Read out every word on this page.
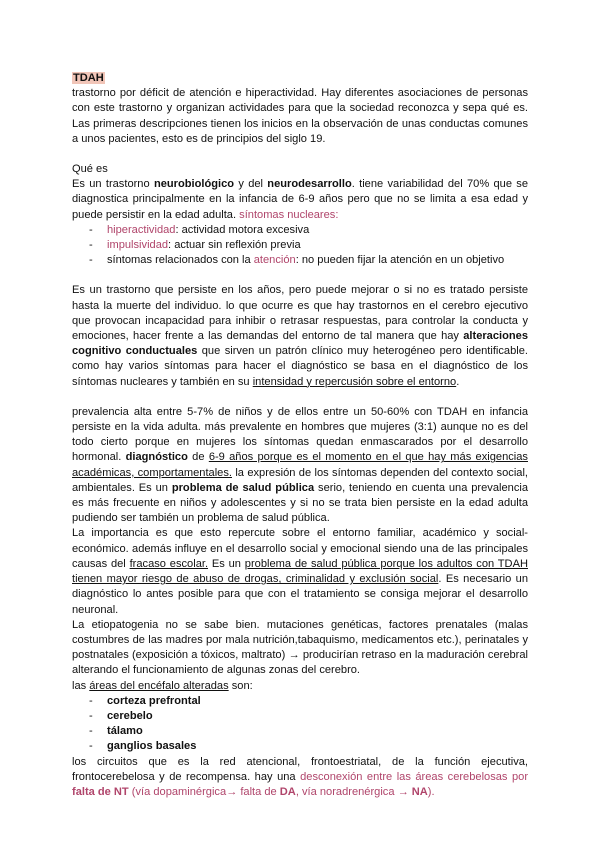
TDAH

trastorno por déficit de atención e hiperactividad. Hay diferentes asociaciones de personas con este trastorno y organizan actividades para que la sociedad reconozca y sepa qué es. Las primeras descripciones tienen los inicios en la observación de unas conductas comunes a unos pacientes, esto es de principios del siglo 19.

Qué es

Es un trastorno neurobiológico y del neurodesarrollo. tiene variabilidad del 70% que se diagnostica principalmente en la infancia de 6-9 años pero que no se limita a esa edad y puede persistir en la edad adulta. síntomas nucleares:

- hiperactividad: actividad motora excesiva
- impulsividad: actuar sin reflexión previa
- síntomas relacionados con la atención: no pueden fijar la atención en un objetivo

Es un trastorno que persiste en los años, pero puede mejorar o si no es tratado persiste hasta la muerte del individuo. lo que ocurre es que hay trastornos en el cerebro ejecutivo que provocan incapacidad para inhibir o retrasar respuestas, para controlar la conducta y emociones, hacer frente a las demandas del entorno de tal manera que hay alteraciones cognitivo conductuales que sirven un patrón clínico muy heterogéneo pero identificable. como hay varios síntomas para hacer el diagnóstico se basa en el diagnóstico de los síntomas nucleares y también en su intensidad y repercusión sobre el entorno.

prevalencia alta entre 5-7% de niños y de ellos entre un 50-60% con TDAH en infancia persiste en la vida adulta. más prevalente en hombres que mujeres (3:1) aunque no es del todo cierto porque en mujeres los síntomas quedan enmascarados por el desarrollo hormonal. diagnóstico de 6-9 años porque es el momento en el que hay más exigencias académicas, comportamentales. la expresión de los síntomas dependen del contexto social, ambientales. Es un problema de salud pública serio, teniendo en cuenta una prevalencia es más frecuente en niños y adolescentes y si no se trata bien persiste en la edad adulta pudiendo ser también un problema de salud pública.

La importancia es que esto repercute sobre el entorno familiar, académico y social-económico. además influye en el desarrollo social y emocional siendo una de las principales causas del fracaso escolar. Es un problema de salud pública porque los adultos con TDAH tienen mayor riesgo de abuso de drogas, criminalidad y exclusión social. Es necesario un diagnóstico lo antes posible para que con el tratamiento se consiga mejorar el desarrollo neuronal.

La etiopatogenia no se sabe bien. mutaciones genéticas, factores prenatales (malas costumbres de las madres por mala nutrición,tabaquismo, medicamentos etc.), perinatales y postnatales (exposición a tóxicos, maltrato) → producirían retraso en la maduración cerebral alterando el funcionamiento de algunas zonas del cerebro.

las áreas del encéfalo alteradas son:

- corteza prefrontal
- cerebelo
- tálamo
- ganglios basales

los circuitos que es la red atencional, frontoestriatal, de la función ejecutiva, frontocerebelosa y de recompensa. hay una desconexión entre las áreas cerebelosas por falta de NT (vía dopaminérgica→ falta de DA, vía noradrenérgica → NA).
